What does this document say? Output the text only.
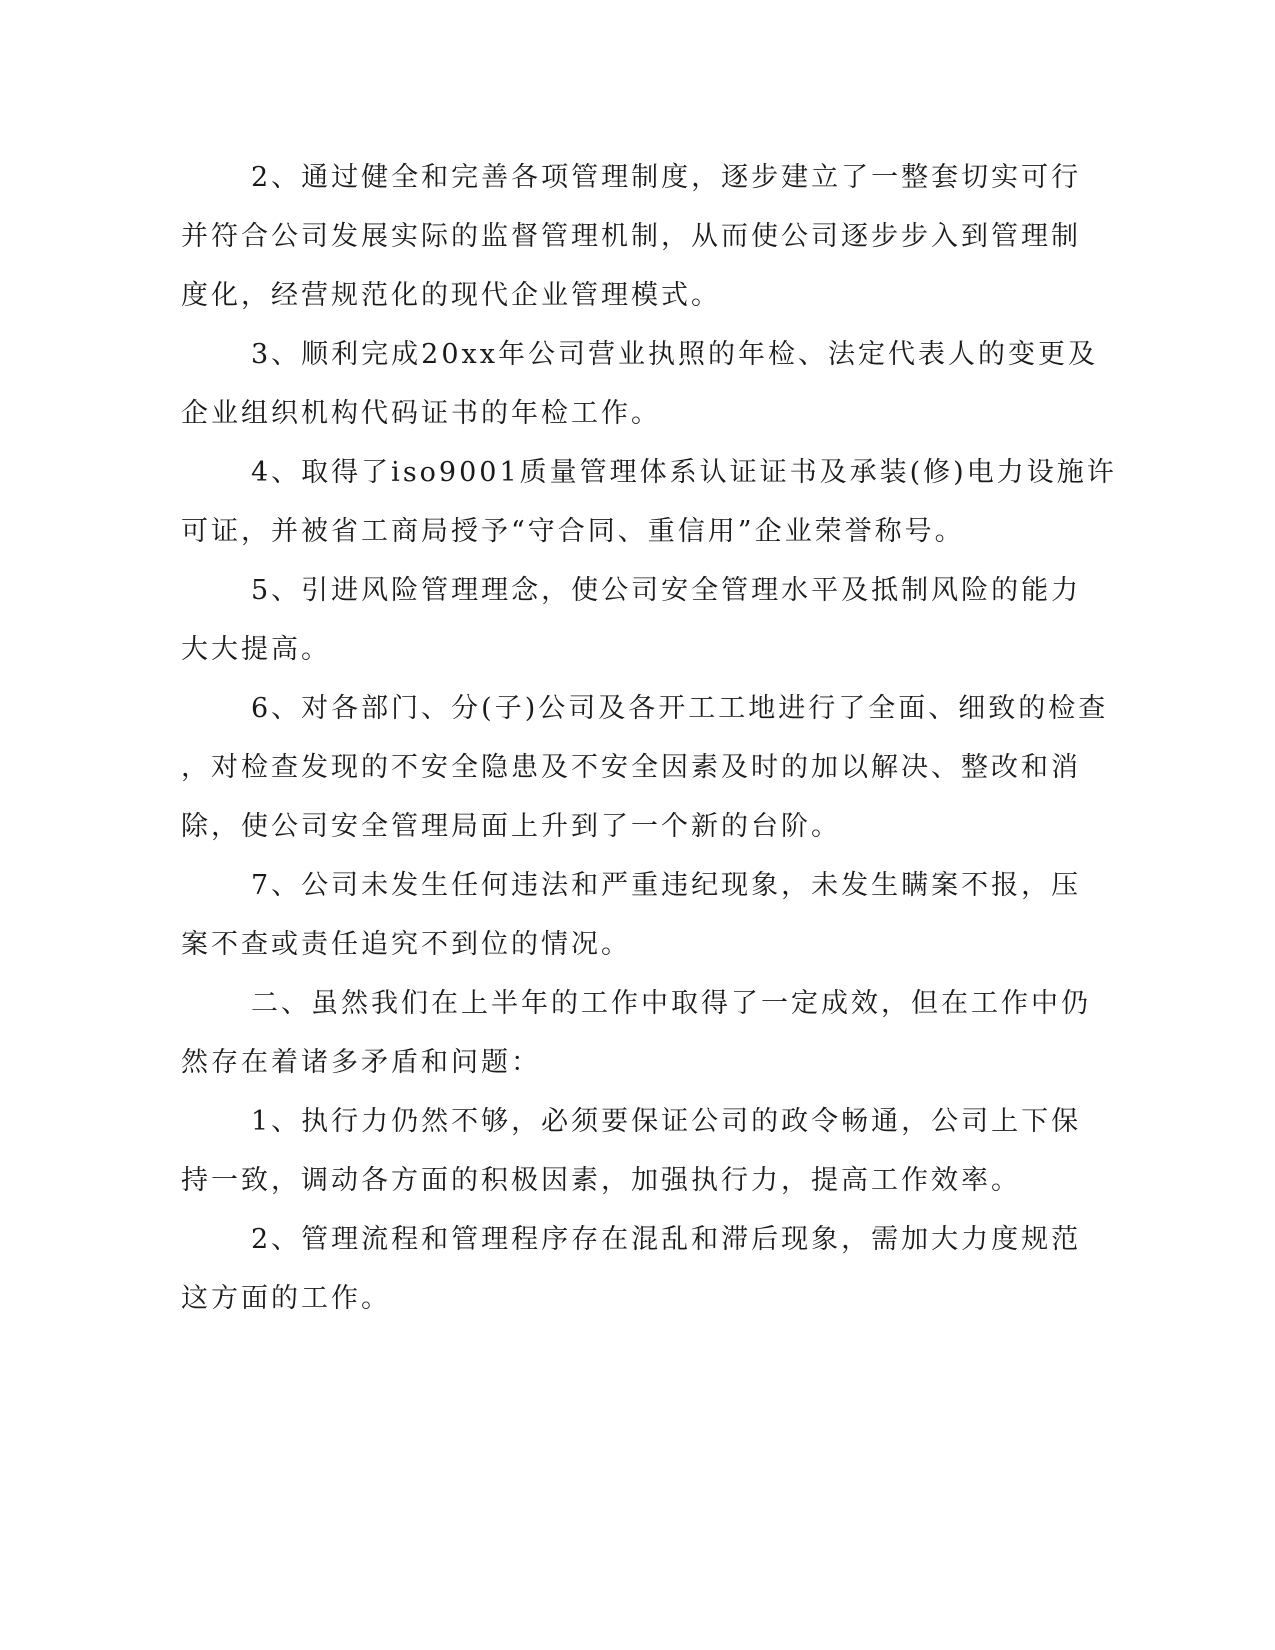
2、通过健全和完善各项管理制度，逐步建立了一整套切实可行
并符合公司发展实际的监督管理机制，从而使公司逐步步入到管理制
度化，经营规范化的现代企业管理模式。

3、顺利完成20xx年公司营业执照的年检、法定代表人的变更及
企业组织机构代码证书的年检工作。

4、取得了iso9001质量管理体系认证证书及承装(修)电力设施许
可证，并被省工商局授予“守合同、重信用”企业荣誉称号。

5、引进风险管理理念，使公司安全管理水平及抵制风险的能力
大大提高。

6、对各部门、分(子)公司及各开工工地进行了全面、细致的检查
，对检查发现的不安全隐患及不安全因素及时的加以解决、整改和消
除，使公司安全管理局面上升到了一个新的台阶。

7、公司未发生任何违法和严重违纪现象，未发生瞒案不报，压
案不查或责任追究不到位的情况。

二、虽然我们在上半年的工作中取得了一定成效，但在工作中仍
然存在着诸多矛盾和问题：

1、执行力仍然不够，必须要保证公司的政令畅通，公司上下保
持一致，调动各方面的积极因素，加强执行力，提高工作效率。

2、管理流程和管理程序存在混乱和滞后现象，需加大力度规范
这方面的工作。
